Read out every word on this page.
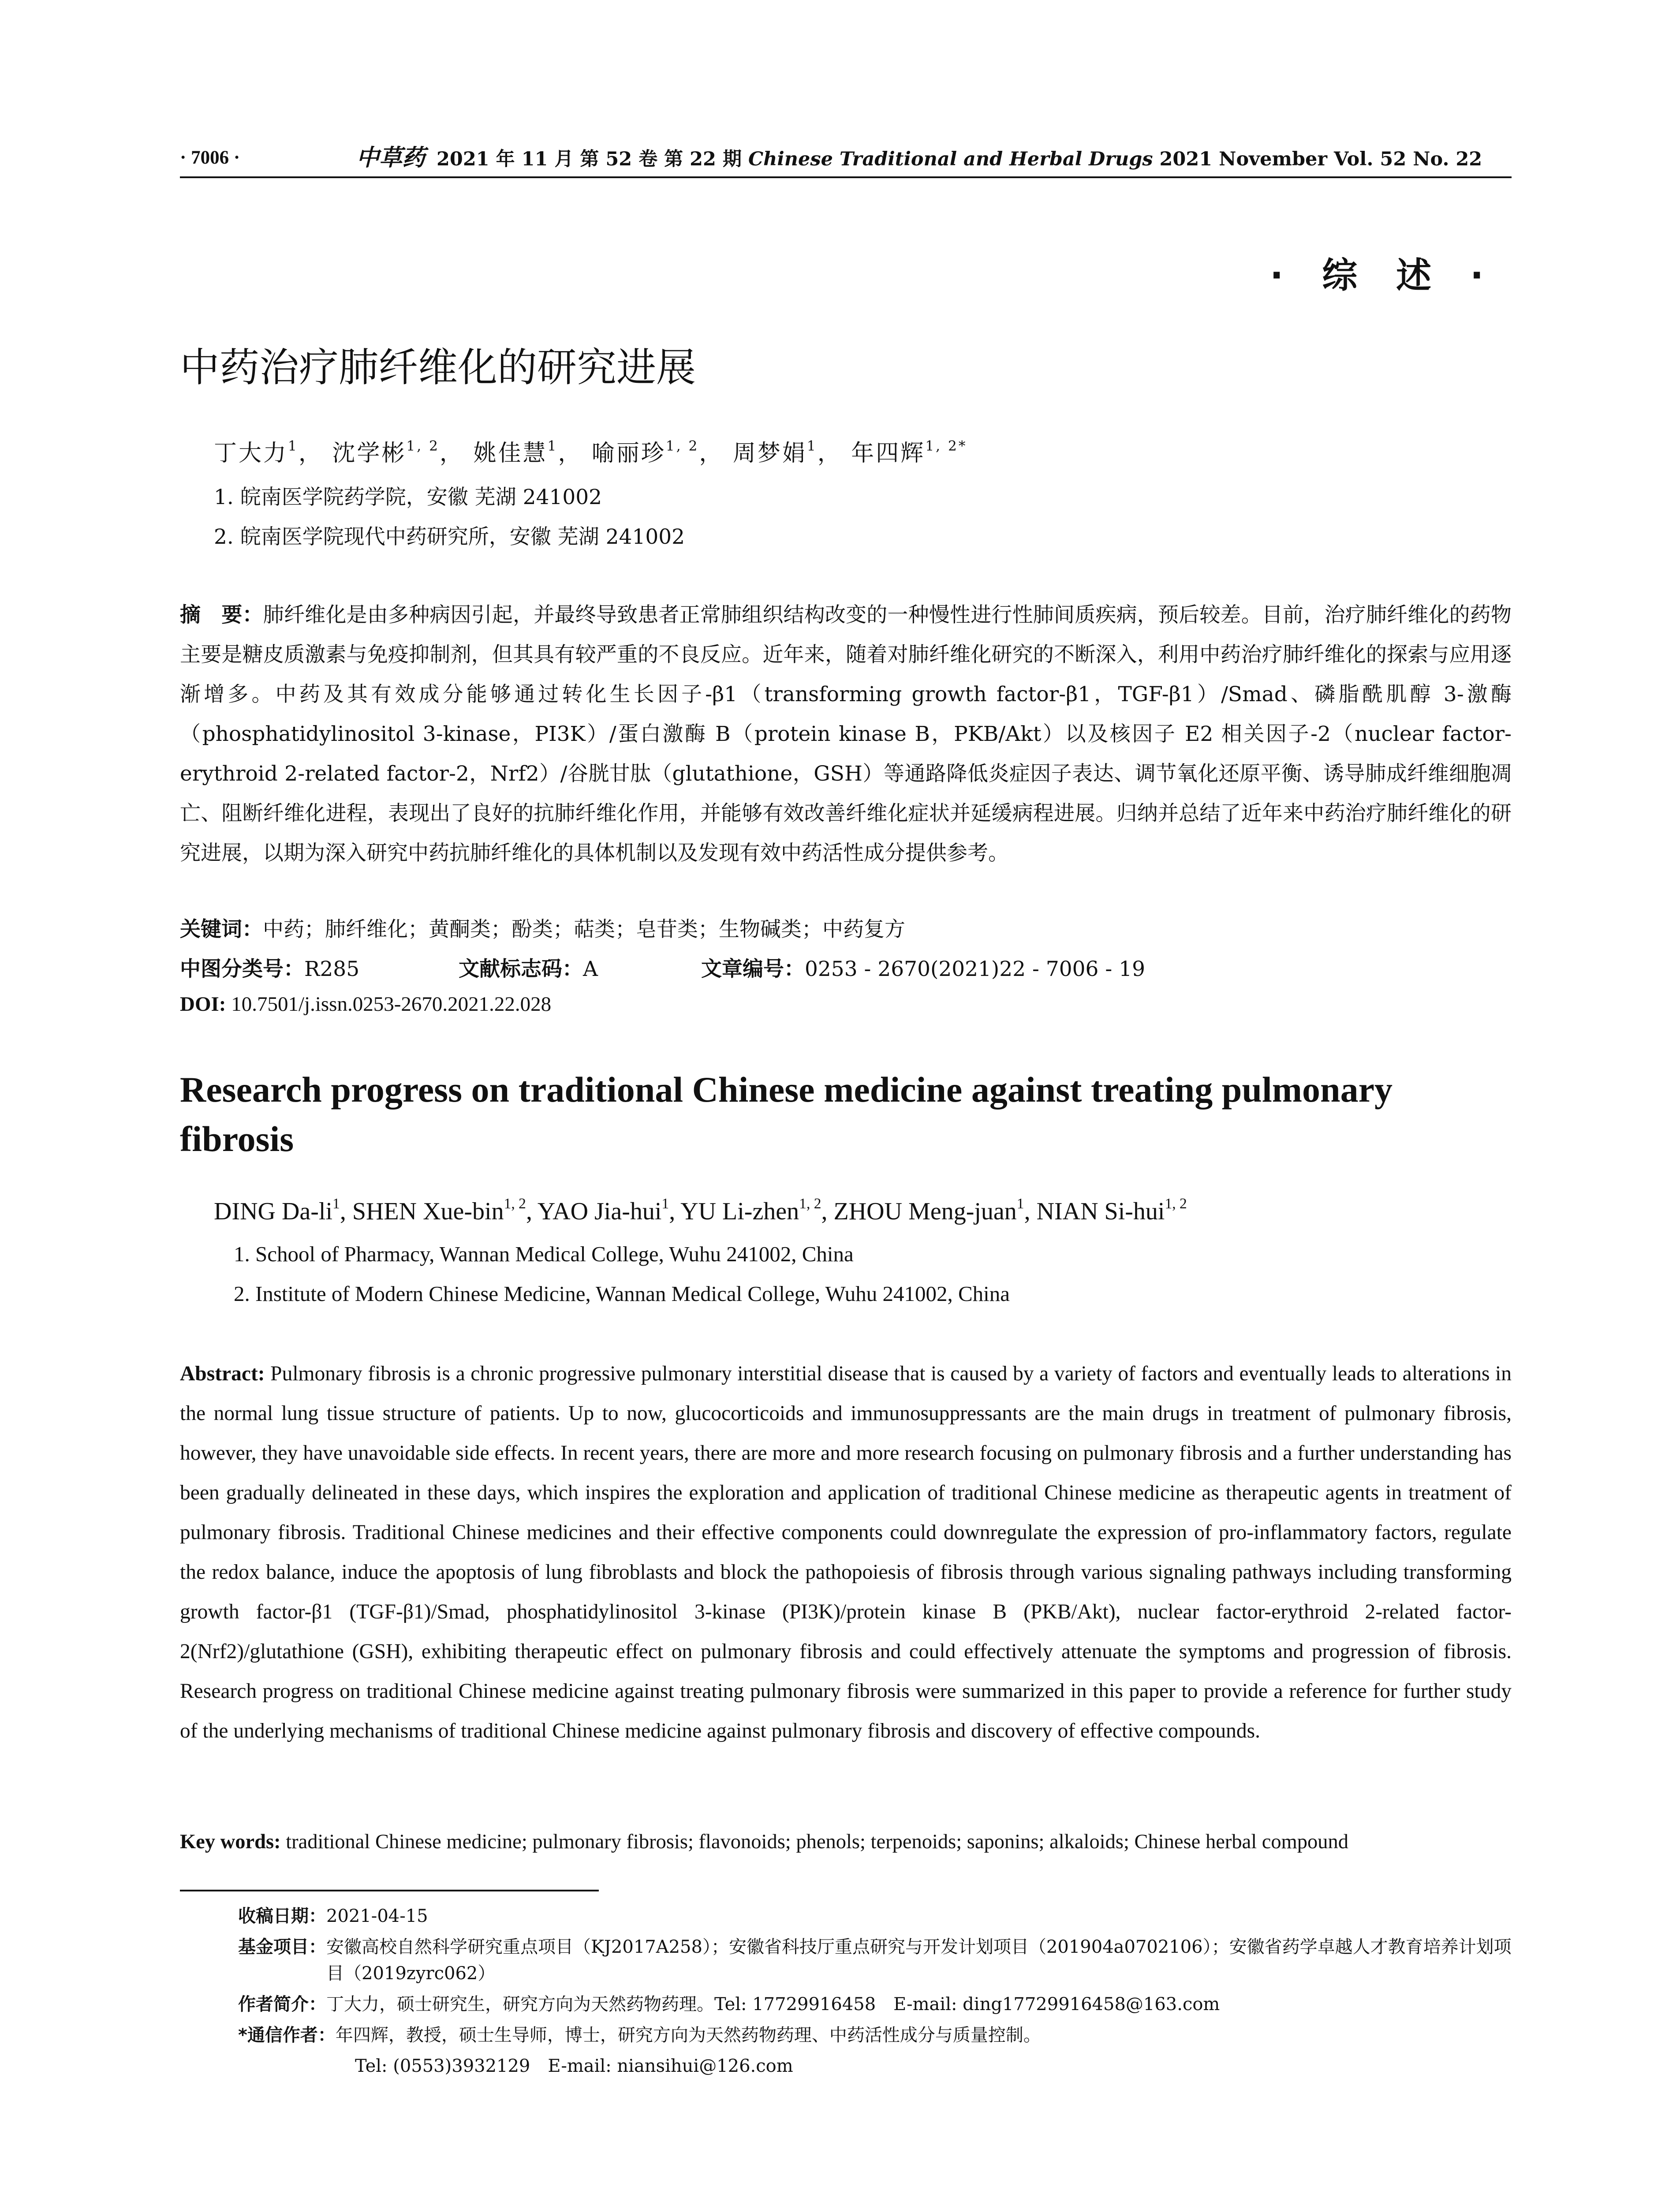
· 7006 ·	中草药 2021 年 11 月 第 52 卷 第 22 期 Chinese Traditional and Herbal Drugs 2021 November Vol. 52 No. 22
· 综 述 ·
中药治疗肺纤维化的研究进展
丁大力$^1$， 沈学彬$^{1, 2}$， 姚佳慧$^1$， 喻丽珍$^{1, 2}$， 周梦娟$^1$， 年四辉$^{1, 2*}$
1. 皖南医学院药学院，安徽 芜湖 241002
2. 皖南医学院现代中药研究所，安徽 芜湖 241002

摘　要：肺纤维化是由多种病因引起，并最终导致患者正常肺组织结构改变的一种慢性进行性肺间质疾病，预后较差。目前，治疗肺纤维化的药物主要是糖皮质激素与免疫抑制剂，但其具有较严重的不良反应。近年来，随着对肺纤维化研究的不断深入，利用中药治疗肺纤维化的探索与应用逐渐增多。中药及其有效成分能够通过转化生长因子-β1（transforming growth factor-β1，TGF-β1）/Smad、磷脂酰肌醇 3-激酶（phosphatidylinositol 3-kinase，PI3K）/蛋白激酶 B（protein kinase B，PKB/Akt）以及核因子 E2 相关因子-2（nuclear factor-erythroid 2-related factor-2，Nrf2）/谷胱甘肽（glutathione，GSH）等通路降低炎症因子表达、调节氧化还原平衡、诱导肺成纤维细胞凋亡、阻断纤维化进程，表现出了良好的抗肺纤维化作用，并能够有效改善纤维化症状并延缓病程进展。归纳并总结了近年来中药治疗肺纤维化的研究进展，以期为深入研究中药抗肺纤维化的具体机制以及发现有效中药活性成分提供参考。

关键词：中药；肺纤维化；黄酮类；酚类；萜类；皂苷类；生物碱类；中药复方
中图分类号：R285	文献标志码：A	文章编号：0253 - 2670(2021)22 - 7006 - 19
DOI: 10.7501/j.issn.0253-2670.2021.22.028
Research progress on traditional Chinese medicine against treating pulmonary fibrosis
DING $Da-li^1$, SHEN Xue-bin$^{1, 2}$, YAO Jia-hui$^1$, YU Li-zhen$^{1, 2}$, ZHOU Meng-juan$^1$, NIAN Si-hui$^{1, 2}$
1. School of Pharmacy, Wannan Medical College, Wuhu 241002, China
2. Institute of Modern Chinese Medicine, Wannan Medical College, Wuhu 241002, China

Abstract: Pulmonary fibrosis is a chronic progressive pulmonary interstitial disease that is caused by a variety of factors and eventually leads to alterations in the normal lung tissue structure of patients. Up to now, glucocorticoids and immunosuppressants are the main drugs in treatment of pulmonary fibrosis, however, they have unavoidable side effects. In recent years, there are more and more research focusing on pulmonary fibrosis and a further understanding has been gradually delineated in these days, which inspires the exploration and application of traditional Chinese medicine as therapeutic agents in treatment of pulmonary fibrosis. Traditional Chinese medicines and their effective components could downregulate the expression of pro-inflammatory factors, regulate the redox balance, induce the apoptosis of lung fibroblasts and block the pathopoiesis of fibrosis through various signaling pathways including transforming growth factor-β1 (TGF-β1)/Smad, phosphatidylinositol 3-kinase (PI3K)/protein kinase B (PKB/Akt), nuclear factor-erythroid 2-related factor-2(Nrf2)/glutathione (GSH), exhibiting therapeutic effect on pulmonary fibrosis and could effectively attenuate the symptoms and progression of fibrosis. Research progress on traditional Chinese medicine against treating pulmonary fibrosis were summarized in this paper to provide a reference for further study of the underlying mechanisms of traditional Chinese medicine against pulmonary fibrosis and discovery of effective compounds.

Key words: traditional Chinese medicine; pulmonary fibrosis; flavonoids; phenols; terpenoids; saponins; alkaloids; Chinese herbal compound
收稿日期：2021-04-15
基金项目： 安徽高校自然科学研究重点项目（KJ2017A258）；安徽省科技厅重点研究与开发计划项目（201904a0702106）；安徽省药学卓越人才教育培养计划项目（2019zyrc062）
作者简介：丁大力，硕士研究生，研究方向为天然药物药理。Tel: 17729916458　E-mail: ding17729916458@163.com
*通信作者：年四辉，教授，硕士生导师，博士，研究方向为天然药物药理、中药活性成分与质量控制。
Tel: (0553)3932129　E-mail: niansihui@126.com
